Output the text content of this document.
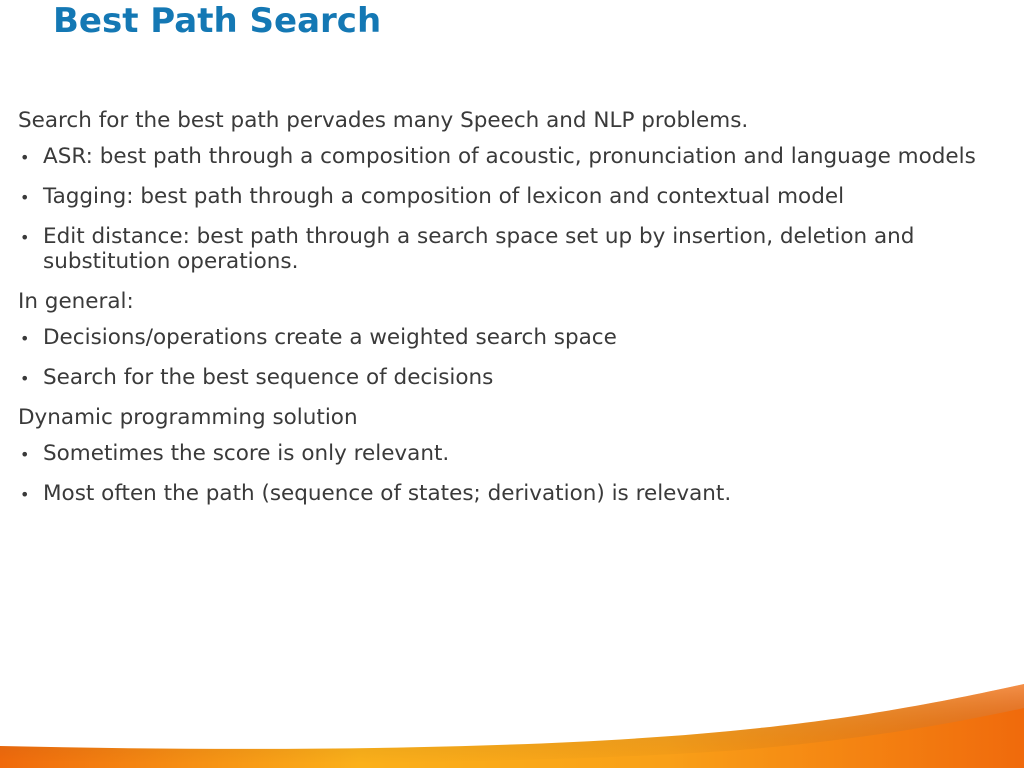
Best Path Search

Search for the best path pervades many Speech and NLP problems.

• ASR: best path through a composition of acoustic, pronunciation and language models
• Tagging: best path through a composition of lexicon and contextual model
• Edit distance: best path through a search space set up by insertion, deletion and substitution operations.

In general:

• Decisions/operations create a weighted search space
• Search for the best sequence of decisions

Dynamic programming solution

• Sometimes the score is only relevant.
• Most often the path (sequence of states; derivation) is relevant.
